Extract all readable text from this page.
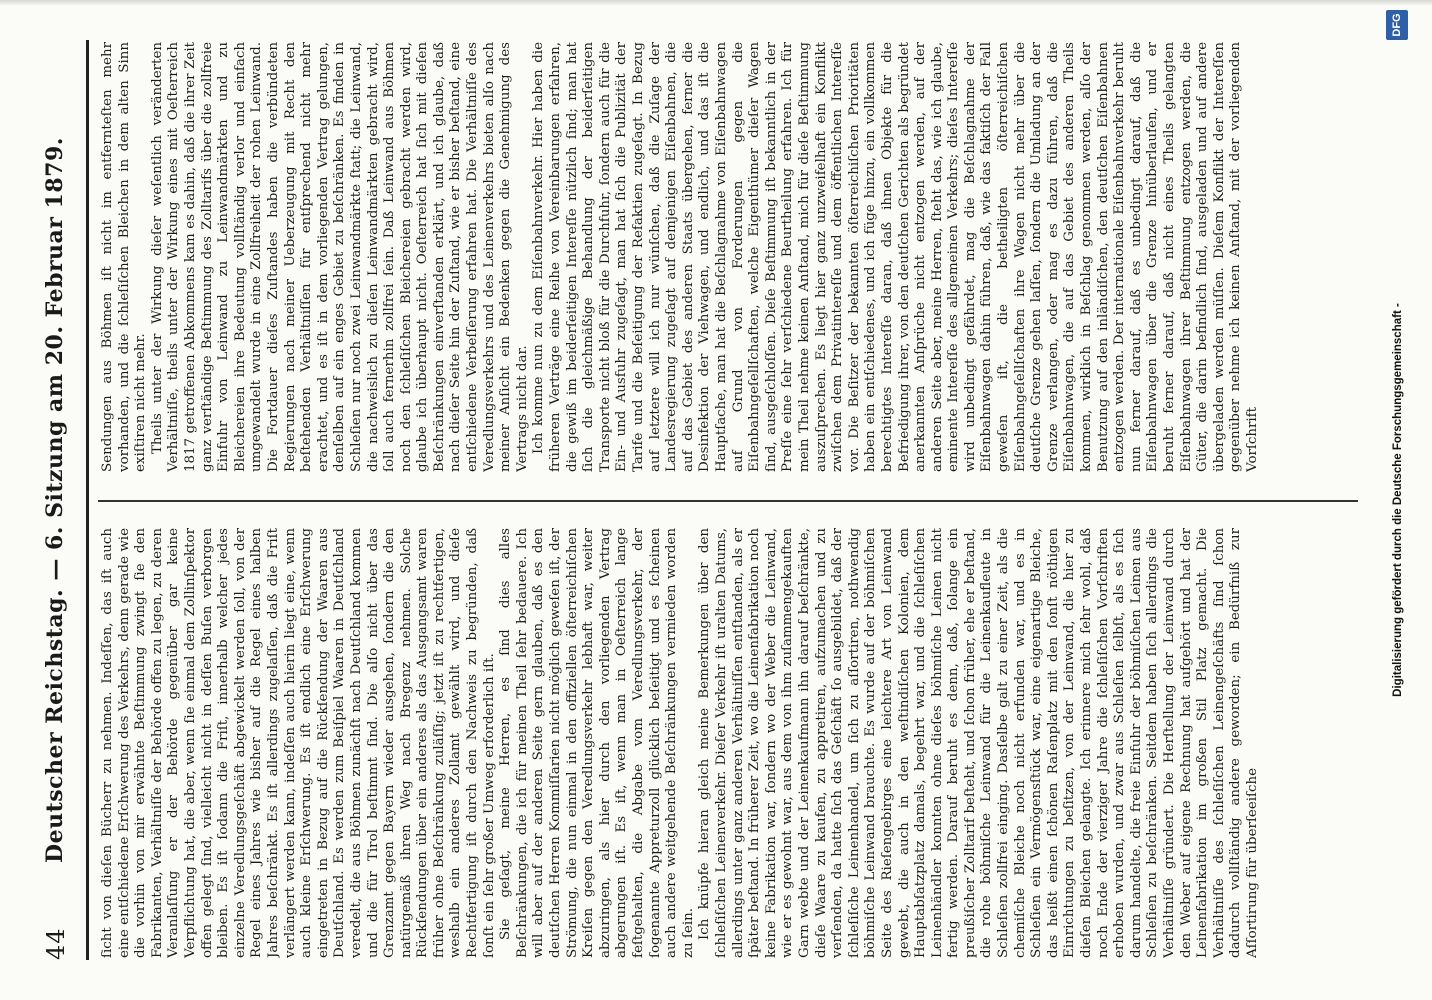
44
Deutscher Reichstag. — 6. Sitzung am 20. Februar 1879. ſicht von dieſen Bücherr zu nehmen. Indeſſen, das iſt auch eine entſchiedene Erſchwerung des Verkehrs, denn gerade wie die vorhin von mir erwähnte Beſtimmung zwingt ſie den Fabrikanten, Verhältniſſe der Behörde offen zu legen, zu deren Veranlaſſung er der Behörde gegenüber gar keine Verpflichtung hat, die aber, wenn ſie einmal dem Zollinſpektor offen gelegt ſind, vielleicht nicht in deſſen Buſen verborgen bleiben. Es iſt ſodann die Friſt, innerhalb welcher jedes einzelne Veredlungsgeſchäft abgewickelt werden ſoll, von der Regel eines Jahres wie bisher auf die Regel eines halben Jahres beſchränkt. Es iſt allerdings zugelaſſen, daß die Friſt verlängert werden kann, indeſſen auch hierin liegt eine, wenn auch kleine Erſchwerung. Es iſt endlich eine Erſchwerung eingetreten in Bezug auf die Rückſendung der Waaren aus Deutſchland. Es werden zum Beiſpiel Waaren in Deutſchland veredelt, die aus Böhmen zunächſt nach Deutſchland kommen und die für Tirol beſtimmt ſind. Die alſo nicht über das Grenzamt gegen Bayern wieder ausgehen, ſondern die den natürgemäß ihren Weg nach Bregenz nehmen. Solche Rückſendungen über ein anderes als das Ausgangsamt waren früher ohne Beſchränkung zuläſſig; jetzt iſt zu rechtfertigen, weshalb ein anderes Zollamt gewählt wird, und dieſe Rechtfertigung iſt durch den Nachweis zu begründen, daß ſonſt ein ſehr großer Umweg erforderlich iſt. Sie geſagt, meine Herren, es ſind dies alles Beſchränkungen, die ich für meinen Theil ſehr bedauere. Ich will aber auf der anderen Seite gern glauben, daß es den deutſchen Herren Kommiſſarien nicht möglich geweſen iſt, der Strömung, die nun einmal in den offiziellen öſterreichiſchen Kreiſen gegen den Veredlungsverkehr lebhaft war, weiter abzuringen, als hier durch den vorliegenden Vertrag abgerungen iſt. Es iſt, wenn man in Oeſterreich lange feſtgehalten, die Abgabe vom Veredlungsverkehr, der ſogenannte Appreturzoll glücklich beſeitigt und es ſcheinen auch andere weitgehende Beſchränkungen vermieden worden zu ſein. Ich knüpfe hieran gleich meine Bemerkungen über den ſchleſiſchen Leinenverkehr. Dieſer Verkehr iſt uralten Datums, allerdings unter ganz anderen Verhältniſſen entſtanden, als er ſpäter beſtand. In früherer Zeit, wo die Leinenfabrikation noch keine Fabrikation war, ſondern wo der Weber die Leinwand, wie er es gewohnt war, aus dem von ihm zuſammengekauften Garn webte und der Leinenkaufmann ihn darauf beſchränkte, dieſe Waare zu kaufen, zu appretiren, aufzumachen und zu verſenden, da hatte ſich das Geſchäft ſo ausgebildet, daß der ſchleſiſche Leinenhandel, um ſich zu aſſortiren, nothwendig böhmiſche Leinwand brauchte. Es wurde auf der böhmiſchen Seite des Rieſengebirges eine leichtere Art von Leinwand gewebt, die auch in den weſtindiſchen Kolonien, dem Hauptabſatzplatz damals, begehrt war, und die ſchleſiſchen Leinenhändler konnten ohne dieſes böhmiſche Leinen nicht fertig werden. Darauf beruht es denn, daß, ſolange ein preußiſcher Zolltarif beſteht, und ſchon früher, ehe er beſtand, die rohe böhmiſche Leinwand für die Leinenkaufleute in Schleſien zollfrei einging. Dasſelbe galt zu einer Zeit, als die chemiſche Bleiche noch nicht erfunden war, und es in Schleſien ein Vermögensſtück war, eine eigenartige Bleiche, das heißt einen ſchönen Raſenplatz mit den ſonſt nöthigen Einrichtungen zu beſitzen, von der Leinwand, die hier zu dieſen Bleichen gelangte. Ich erinnere mich ſehr wohl, daß noch Ende der vierziger Jahre die ſchleſiſchen Vorſchriften erhoben wurden, und zwar aus Schleſien ſelbſt, als es ſich darum handelte, die freie Einfuhr der böhmiſchen Leinen aus Schleſien zu beſchränken. Seitdem haben ſich allerdings die Verhältniſſe gründert. Die Herſtellung der Leinwand durch den Weber auf eigene Rechnung hat aufgehört und hat der Leinenfabrikation im großen Stil Platz gemacht. Die Verhältniſſe des ſchleſiſchen Leinengeſchäfts ſind ſchon dadurch vollſtändig andere geworden; ein Bedürfniß zur Aſſortirung für überſeeiſche

Sendungen aus Böhmen iſt nicht im entfernteſten mehr vorhanden, und die ſchleſiſchen Bleichen in dem alten Sinn exiſtiren nicht mehr. Theils unter der Wirkung dieſer weſentlich veränderten Verhältniſſe, theils unter der Wirkung eines mit Oeſterreich 1817 getroffenen Abkommens kam es dahin, daß die ihrer Zeit ganz verſtändige Beſtimmung des Zolltarifs über die zollfreie Einfuhr von Leinwand zu Leinwandmärkten und zu Bleichereien ihre Bedeutung vollſtändig verlor und einfach umgewandelt wurde in eine Zollfreiheit der rohen Leinwand. Die Fortdauer dieſes Zuſtandes haben die verbündeten Regierungen nach meiner Ueberzeugung mit Recht den beſtehenden Verhältniſſen für entſprechend nicht mehr erachtet, und es iſt in dem vorliegenden Vertrag gelungen, denſelben auf ein enges Gebiet zu beſchränken. Es finden in Schleſien nur noch zwei Leinwandmärkte ſtatt; die Leinwand, die nachweislich zu dieſen Leinwandmärkten gebracht wird, ſoll auch fernerhin zollfrei ſein. Daß Leinwand aus Böhmen noch den ſchleſiſchen Bleichereien gebracht werden wird, glaube ich überhaupt nicht. Oeſterreich hat ſich mit dieſen Beſchränkungen einverſtanden erklärt, und ich glaube, daß nach dieſer Seite hin der Zuſtand, wie er bisher beſtand, eine entſchiedene Verbeſſerung erfahren hat. Die Verhältniſſe des Veredlungsverkehrs und des Leinenverkehrs bieten alſo nach meiner Anſicht ein Bedenken gegen die Genehmigung des Vertrags nicht dar. Ich komme nun zu dem Eiſenbahnverkehr. Hier haben die früheren Verträge eine Reihe von Vereinbarungen erfahren, die gewiß im beiderſeitigen Intereſſe nützlich ſind; man hat ſich die gleichmäßige Behandlung der beiderſeitigen Transporte nicht bloß für die Durchfuhr, ſondern auch für die Ein- und Ausfuhr zugeſagt, man hat ſich die Publizität der Tarife und die Beſeitigung der Refaktien zugeſagt. In Bezug auf letztere will ich nur wünſchen, daß die Zuſage der Landesregierung zugeſagt auf demjenigen Eiſenbahnen, die auf das Gebiet des anderen Staats übergehen, ferner die Desinfektion der Viehwagen, und endlich, und das iſt die Hauptſache, man hat die Beſchlagnahme von Eiſenbahnwagen auf Grund von Forderungen gegen die Eiſenbahngeſellſchaften, welche Eigenthümer dieſer Wagen ſind, ausgeſchloſſen. Dieſe Beſtimmung iſt bekanntlich in der Preſſe eine ſehr verſchiedene Beurtheilung erfahren. Ich für mein Theil nehme keinen Anſtand, mich für dieſe Beſtimmung auszuſprechen. Es liegt hier ganz unzweifelhaft ein Konflikt zwiſchen dem Privatintereſſe und dem öffentlichen Intereſſe vor. Die Beſitzer der bekannten öſterreichiſchen Prioritäten haben ein entſchiedenes, und ich füge hinzu, ein vollkommen berechtigtes Intereſſe daran, daß ihnen Objekte für die Befriedigung ihrer, von den deutſchen Gerichten als begründet anerkannten Anſprüche nicht entzogen werden, auf der anderen Seite aber, meine Herren, ſteht das, wie ich glaube, eminente Intereſſe des allgemeinen Verkehrs; dieſes Intereſſe wird unbedingt gefährdet, mag die Beſchlagnahme der Eiſenbahnwagen dahin führen, daß, wie das faktiſch der Fall geweſen iſt, die betheiligten öſterreichiſchen Eiſenbahngeſellſchaften ihre Wagen nicht mehr über die deutſche Grenze gehen laſſen, ſondern die Umladung an der Grenze verlangen, oder mag es dazu führen, daß die Eiſenbahnwagen, die auf das Gebiet des anderen Theils kommen, wirklich in Beſchlag genommen werden, alſo der Benutzung auf den inländiſchen, den deutſchen Eiſenbahnen entzogen werden. Der internationale Eiſenbahnverkehr beruht nun ferner darauf, daß es unbedingt darauf, daß die Eiſenbahnwagen über die Grenze hinüberlaufen, und er beruht ferner darauf, daß nicht eines Theils gelangten Eiſenbahnwagen ihrer Beſtimmung entzogen werden, die Güter, die darin befindlich ſind, ausgeladen und auf andere übergeladen werden müſſen. Dieſem Konflikt der Intereſſen gegenüber nehme ich keinen Anſtand, mit der vorliegenden Vorſchrift	Digitalisierung gefördert durch die Deutsche Forschungsgemeinschaft -
DFG
